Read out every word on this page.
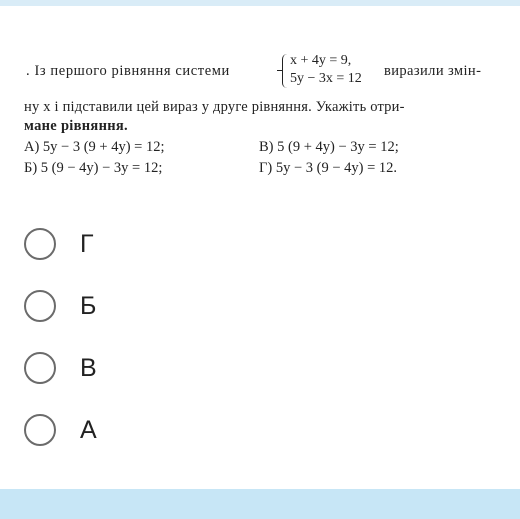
. Із першого рівняння системи
x + 4y = 9,
5y − 3x = 12 виразили змін-
ну x і підставили цей вираз у друге рівняння. Укажіть отри-
мане рівняння.
А) 5y − 3 (9 + 4y) = 12;	В) 5 (9 + 4y) − 3y = 12;
Б) 5 (9 − 4y) − 3y = 12;	Г) 5y − 3 (9 − 4y) = 12.
Г
Б
В
А
